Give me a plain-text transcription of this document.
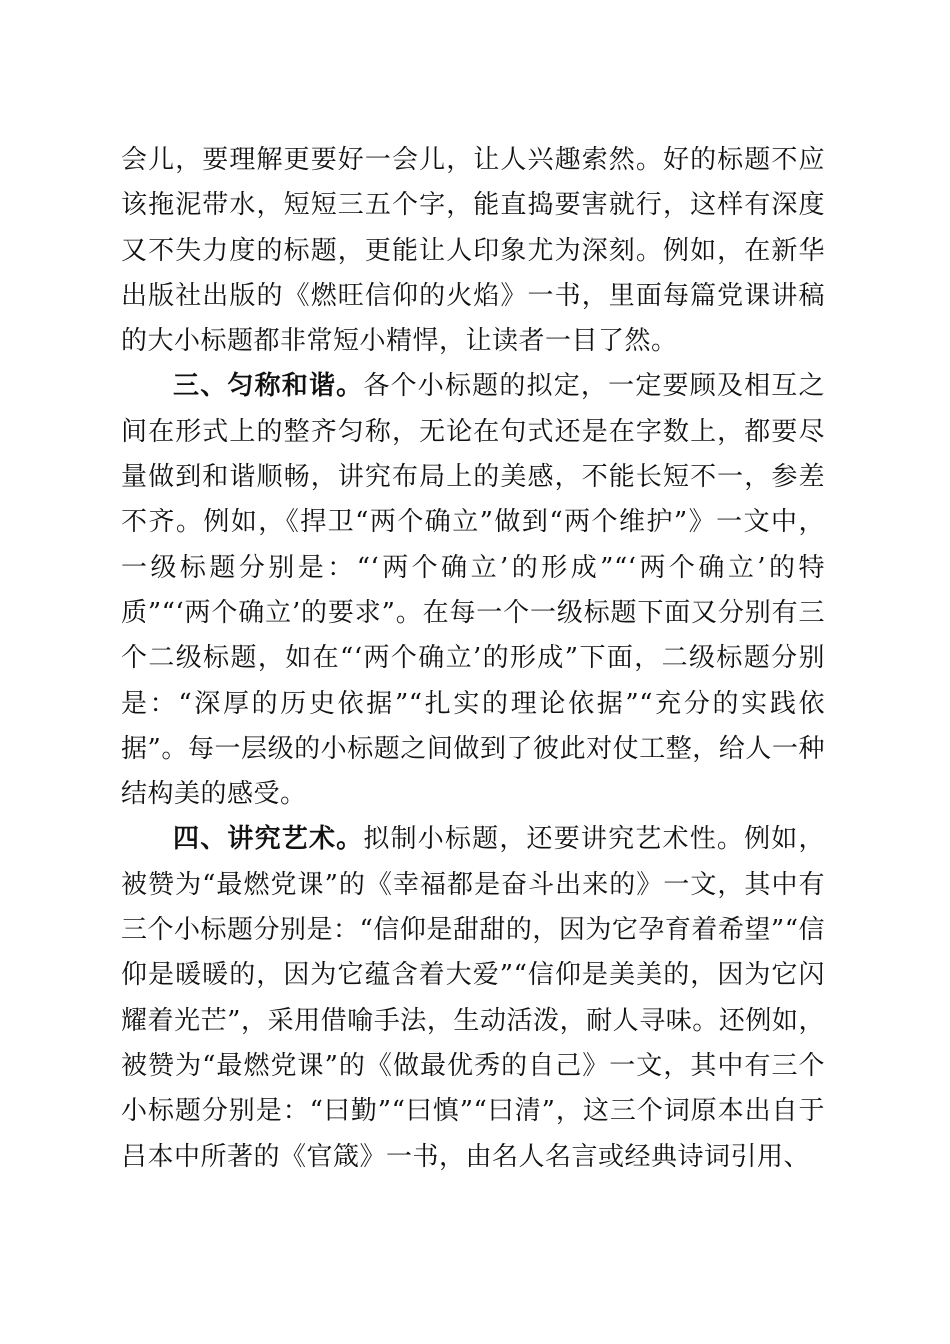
会儿，要理解更要好一会儿，让人兴趣索然。好的标题不应该拖泥带水，短短三五个字，能直捣要害就行，这样有深度又不失力度的标题，更能让人印象尤为深刻。例如，在新华出版社出版的《燃旺信仰的火焰》一书，里面每篇党课讲稿的大小标题都非常短小精悍，让读者一目了然。

三、匀称和谐。各个小标题的拟定，一定要顾及相互之间在形式上的整齐匀称，无论在句式还是在字数上，都要尽量做到和谐顺畅，讲究布局上的美感，不能长短不一，参差不齐。例如，《捍卫“两个确立”做到“两个维护”》一文中，一级标题分别是：“‘两个确立’的形成”“‘两个确立’的特质”“‘两个确立’的要求”。在每一个一级标题下面又分别有三个二级标题，如在“‘两个确立’的形成”下面，二级标题分别是：“深厚的历史依据”“扎实的理论依据”“充分的实践依据”。每一层级的小标题之间做到了彼此对仗工整，给人一种结构美的感受。

四、讲究艺术。拟制小标题，还要讲究艺术性。例如，被赞为“最燃党课”的《幸福都是奋斗出来的》一文，其中有三个小标题分别是：“信仰是甜甜的，因为它孕育着希望”“信仰是暖暖的，因为它蕴含着大爱”“信仰是美美的，因为它闪耀着光芒”，采用借喻手法，生动活泼，耐人寻味。还例如，被赞为“最燃党课”的《做最优秀的自己》一文，其中有三个小标题分别是：“曰勤”“曰慎”“曰清”，这三个词原本出自于吕本中所著的《官箴》一书，由名人名言或经典诗词引用、
